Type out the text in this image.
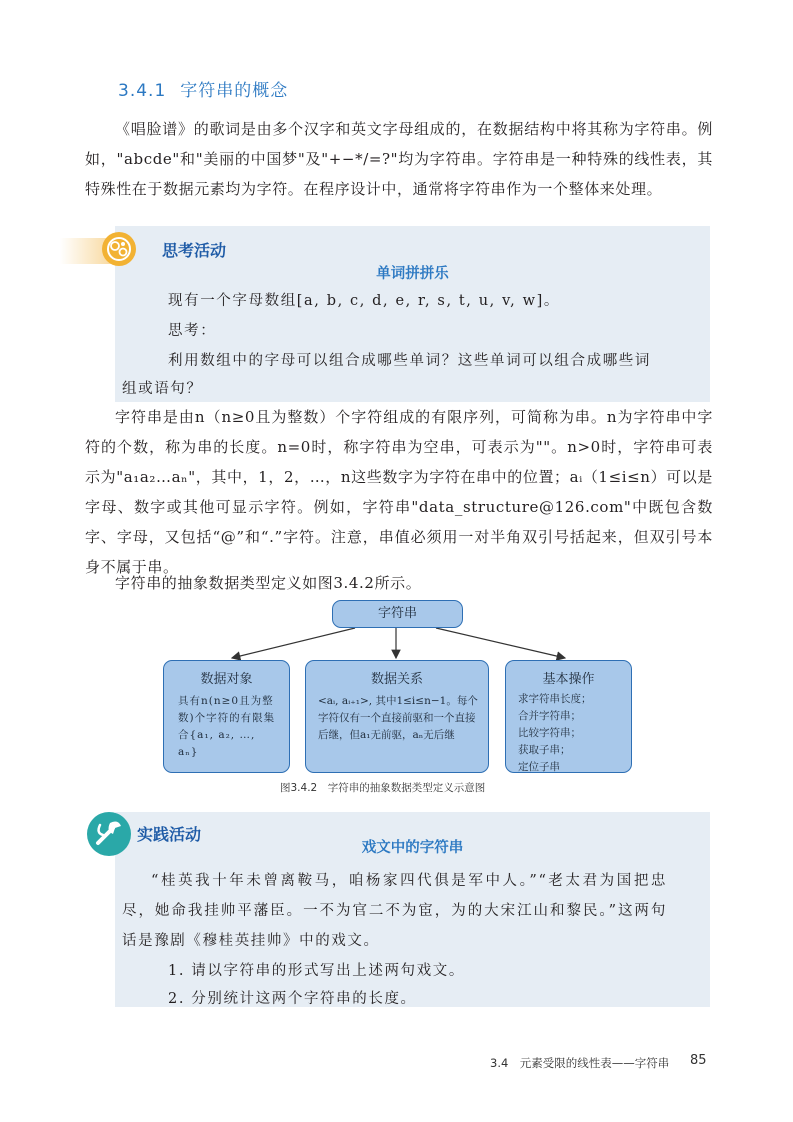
3.4.1 字符串的概念

《唱脸谱》的歌词是由多个汉字和英文字母组成的，在数据结构中将其称为字符串。例如，"abcde"和"美丽的中国梦"及"+−*/=?"均为字符串。字符串是一种特殊的线性表，其特殊性在于数据元素均为字符。在程序设计中，通常将字符串作为一个整体来处理。

思考活动
单词拼拼乐
现有一个字母数组[a, b, c, d, e, r, s, t, u, v, w]。
思考：
利用数组中的字母可以组合成哪些单词？这些单词可以组合成哪些词
组或语句？

字符串是由n（n≥0且为整数）个字符组成的有限序列，可简称为串。n为字符串中字符的个数，称为串的长度。n=0时，称字符串为空串，可表示为""。n>0时，字符串可表示为"a₁a₂…aₙ"，其中，1，2，…，n这些数字为字符在串中的位置；aᵢ（1≤i≤n）可以是字母、数字或其他可显示字符。例如，字符串"data_structure@126.com"中既包含数字、字母，又包括“@”和“.”字符。注意，串值必须用一对半角双引号括起来，但双引号本身不属于串。

字符串的抽象数据类型定义如图3.4.2所示。

字符串
数据对象
具有n(n≥0且为整数)个字符的有限集合{a₁, a₂, …, aₙ}
数据关系
<aᵢ, aᵢ₊₁>, 其中1≤i≤n−1。每个字符仅有一个直接前驱和一个直接后继，但a₁无前驱，aₙ无后继
基本操作
求字符串长度；
合并字符串；
比较字符串；
获取子串；
定位子串
图3.4.2　字符串的抽象数据类型定义示意图
实践活动
戏文中的字符串
“桂英我十年未曾离鞍马，咱杨家四代俱是军中人。”“老太君为国把忠尽，她命我挂帅平藩臣。一不为官二不为宦，为的大宋江山和黎民。”这两句话是豫剧《穆桂英挂帅》中的戏文。
1. 请以字符串的形式写出上述两句戏文。
2. 分别统计这两个字符串的长度。
3.4　元素受限的线性表——字符串 85
